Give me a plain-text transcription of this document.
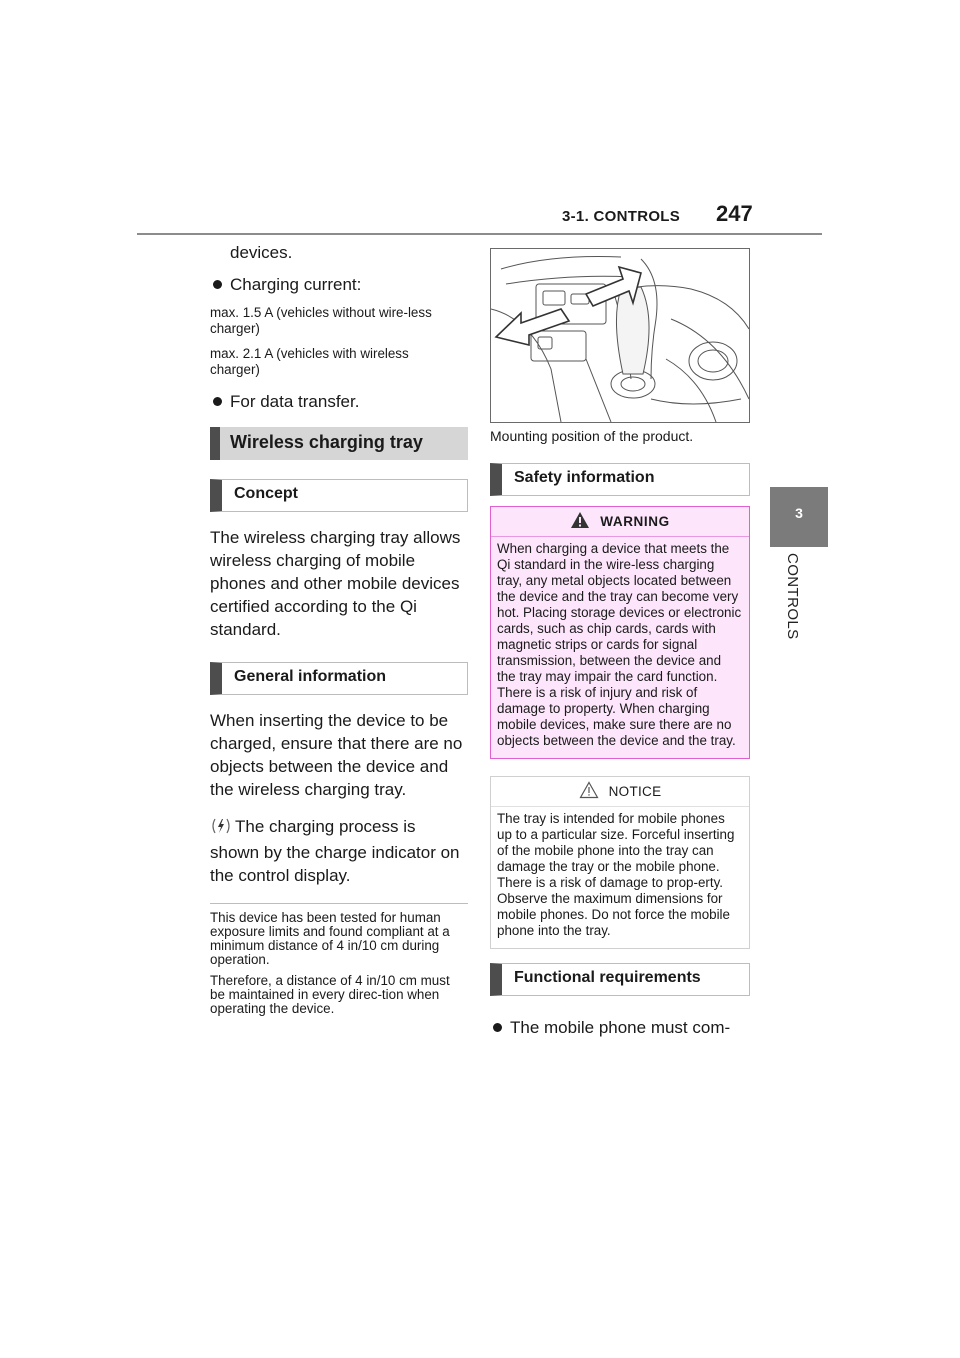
3-1. CONTROLS 247
3
CONTROLS
devices.
Charging current:
max. 1.5 A (vehicles without wire-less charger)
max. 2.1 A (vehicles with wireless charger)
For data transfer.
Wireless charging tray
Concept
The wireless charging tray allows wireless charging of mobile phones and other mobile devices certified according to the Qi standard.
General information
When inserting the device to be charged, ensure that there are no objects between the device and the wireless charging tray.
The charging process is shown by the charge indicator on the control display.
This device has been tested for human exposure limits and found compliant at a minimum distance of 4 in/10 cm during operation.
Therefore, a distance of 4 in/10 cm must be maintained in every direc-tion when operating the device.
Mounting position of the product.
Safety information
WARNING
When charging a device that meets the Qi standard in the wire-less charging tray, any metal objects located between the device and the tray can become very hot. Placing storage devices or electronic cards, such as chip cards, cards with magnetic strips or cards for signal transmission, between the device and the tray may impair the card function. There is a risk of injury and risk of damage to property. When charging mobile devices, make sure there are no objects between the device and the tray.
NOTICE
The tray is intended for mobile phones up to a particular size. Forceful inserting of the mobile phone into the tray can damage the tray or the mobile phone. There is a risk of damage to prop-erty. Observe the maximum dimensions for mobile phones. Do not force the mobile phone into the tray.
Functional requirements
The mobile phone must com-
